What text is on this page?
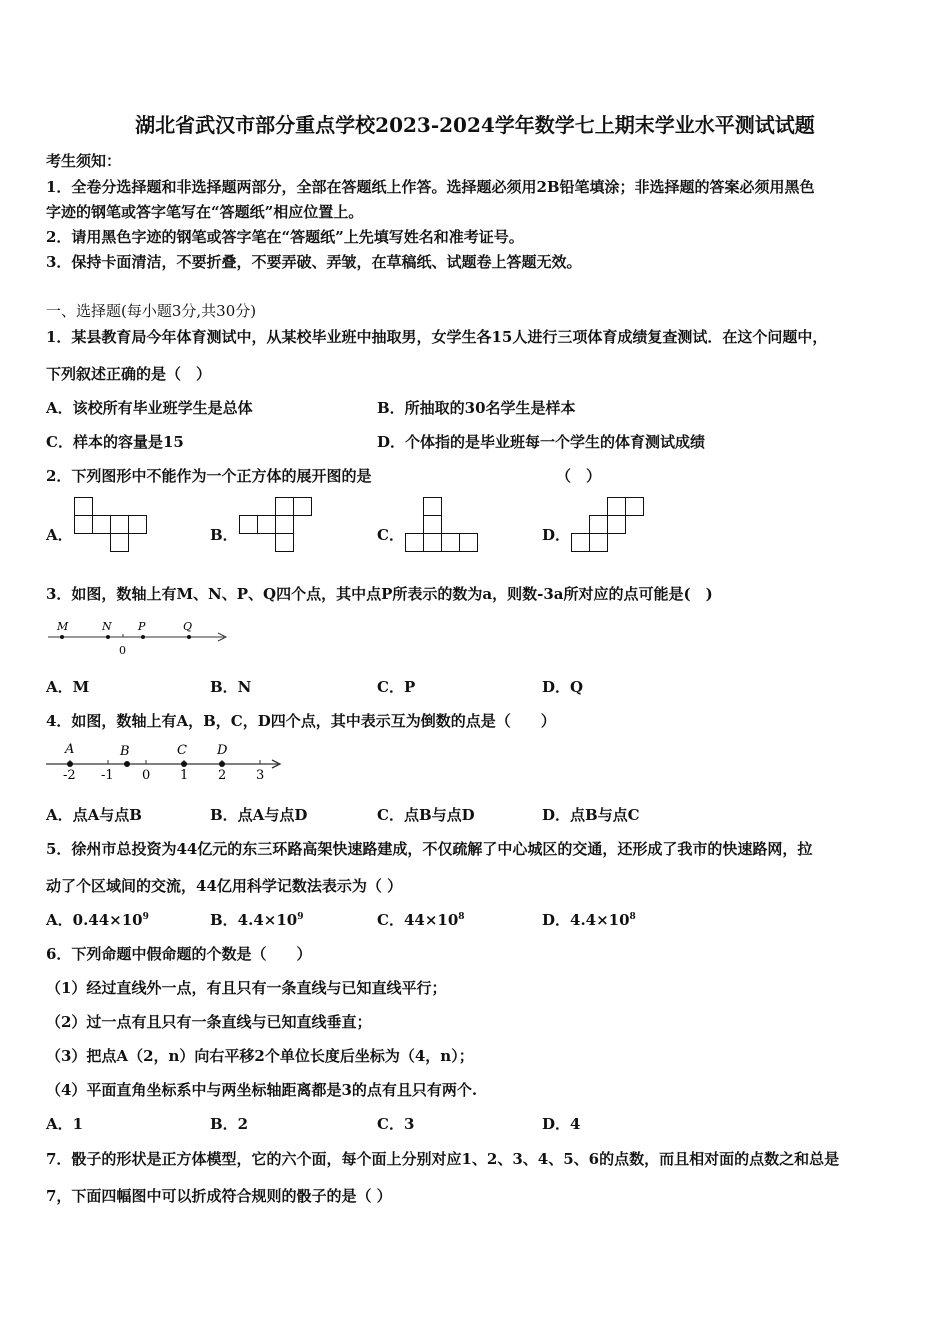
湖北省武汉市部分重点学校2023-2024学年数学七上期末学业水平测试试题
考生须知：
1．全卷分选择题和非选择题两部分，全部在答题纸上作答。选择题必须用2B铅笔填涂；非选择题的答案必须用黑色
字迹的钢笔或答字笔写在“答题纸”相应位置上。
2．请用黑色字迹的钢笔或答字笔在“答题纸”上先填写姓名和准考证号。
3．保持卡面清洁，不要折叠，不要弄破、弄皱，在草稿纸、试题卷上答题无效。
一、选择题(每小题3分,共30分)
1．某县教育局今年体育测试中，从某校毕业班中抽取男，女学生各15人进行三项体育成绩复查测试．在这个问题中，
下列叙述正确的是（　）
A．该校所有毕业班学生是总体	B．所抽取的30名学生是样本
C．样本的容量是15	D．个体指的是毕业班每一个学生的体育测试成绩
2．下列图形中不能作为一个正方体的展开图的是	（　）
A．	B．	C．	D．
3．如图，数轴上有M、N、P、Q四个点，其中点P所表示的数为a，则数-3a所对应的点可能是(　)
M	N P	Q
0
A．M	B．N	C．P	D．Q
4．如图，数轴上有A，B，C，D四个点，其中表示互为倒数的点是（　　）
A	B	C D
-2 -1 0 1 2 3
A．点A与点B	B．点A与点D	C．点B与点D	D．点B与点C
5．徐州市总投资为44亿元的东三环路高架快速路建成，不仅疏解了中心城区的交通，还形成了我市的快速路网，拉
动了个区域间的交流，44亿用科学记数法表示为（ ）
A．$0.44\times 10^9$	B．$4.4\times 10^9$	C．$44\times 10^8$	D．$4.4\times 10^8$
6．下列命题中假命题的个数是（　　）
（1）经过直线外一点，有且只有一条直线与已知直线平行；
（2）过一点有且只有一条直线与已知直线垂直；
（3）把点A（2，n）向右平移2个单位长度后坐标为（4，n）；
（4）平面直角坐标系中与两坐标轴距离都是3的点有且只有两个.
A．1	B．2	C．3	D．4
7．骰子的形状是正方体模型，它的六个面，每个面上分别对应1、2、3、4、5、6的点数，而且相对面的点数之和总是
7，下面四幅图中可以折成符合规则的骰子的是（ ）
